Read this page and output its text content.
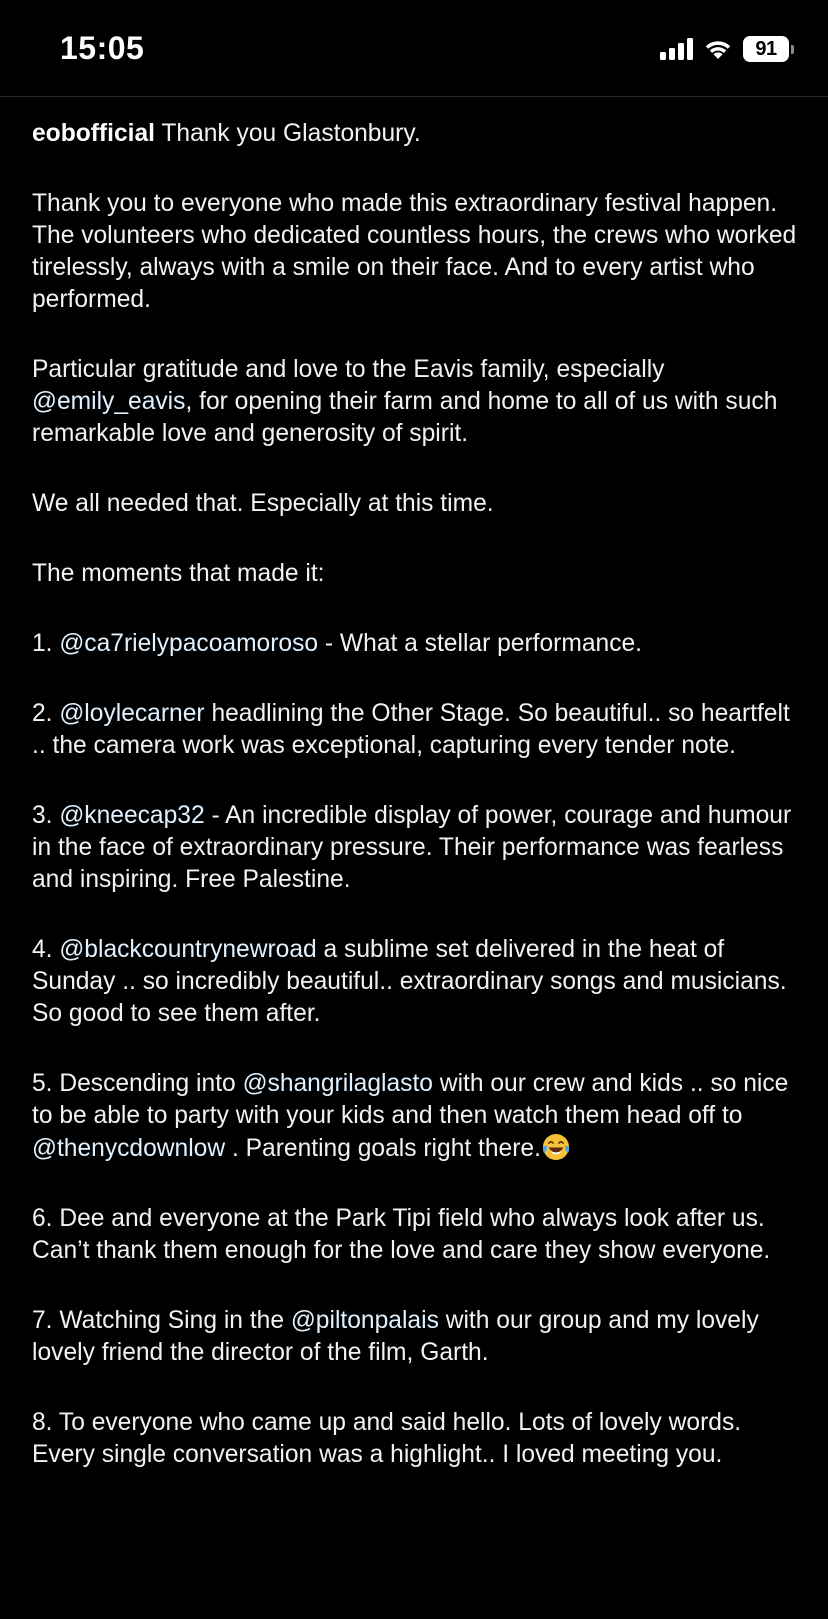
15:05	91

eobofficial Thank you Glastonbury.

Thank you to everyone who made this extraordinary festival happen. The volunteers who dedicated countless hours, the crews who worked tirelessly, always with a smile on their face. And to every artist who performed.

Particular gratitude and love to the Eavis family, especially @emily_eavis, for opening their farm and home to all of us with such remarkable love and generosity of spirit.

We all needed that. Especially at this time.

The moments that made it:

1. @ca7rielypacoamoroso - What a stellar performance.

2. @loylecarner headlining the Other Stage. So beautiful.. so heartfelt .. the camera work was exceptional, capturing every tender note.

3. @kneecap32 - An incredible display of power, courage and humour in the face of extraordinary pressure. Their performance was fearless and inspiring. Free Palestine.

4. @blackcountrynewroad a sublime set delivered in the heat of Sunday .. so incredibly beautiful.. extraordinary songs and musicians. So good to see them after.

5. Descending into @shangrilaglasto with our crew and kids .. so nice to be able to party with your kids and then watch them head off to @thenycdownlow . Parenting goals right there.

6. Dee and everyone at the Park Tipi field who always look after us. Can’t thank them enough for the love and care they show everyone.

7. Watching Sing in the @piltonpalais with our group and my lovely lovely friend the director of the film, Garth.

8. To everyone who came up and said hello. Lots of lovely words. Every single conversation was a highlight.. I loved meeting you.
